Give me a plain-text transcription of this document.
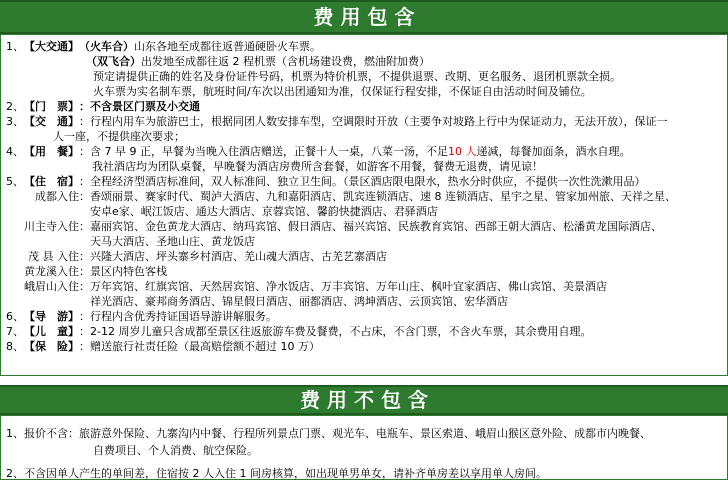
费 用 包 含
1、 【大交通】 （火车合） 山东各地至成都往返普通硬卧火车票。
（双飞合） 出发地至成都往返 2 程机票（含机场建设费，燃油附加费）
预定请提供正确的姓名及身份证件号码，机票为特价机票，不提供退票、改期、更名服务、退团机票款全损。
火车票为实名制车票，航班时间/车次以出团通知为准，仅保证行程安排，不保证自由活动时间及铺位。
2、 【门　票】 ：不含景区门票及小交通
3、 【交　通】 ：行程内用车为旅游巴士，根据同团人数安排车型，空调限时开放（主要争对坡路上行中为保证动力，无法开放），保证一
人一座，不提供座次要求；
4、 【用　餐】 ：含 7 早 9 正，早餐为当晚入住酒店赠送，正餐十人一桌，八菜一汤，不足 10 人 递减，每餐加面条，酒水自理。
我社酒店均为团队桌餐，早晚餐为酒店房费所含套餐，如游客不用餐，餐费无退费，请见谅！
5、 【住　宿】 ：全程经济型酒店标准间，双人标准间、独立卫生间。（景区酒店限电限水，热水分时供应，不提供一次性洗漱用品）
成都入住： 香颂丽景、赛家时代、蜀泸大酒店、九和嘉阳酒店、凯宾连锁酒店、速 8 连锁酒店、星宇之星、管家加州旅、天祥之星、
安卓e家、岷江饭店、通达大酒店、京蓉宾馆、馨韵快捷酒店、君驿酒店
川主寺入住： 嘉丽宾馆、金色黄龙大酒店、纳玛宾馆、假日酒店、福兴宾馆、民族教育宾馆、西部王朝大酒店、松潘黄龙国际酒店、
天马大酒店、圣地山庄、黄龙饭店
茂 县 入住： 兴隆大酒店、坪头寨乡村酒店、羌山魂大酒店、古羌艺寨酒店
黄龙溪入住： 景区内特色客栈
峨眉山入住： 万年宾馆、红旗宾馆、天然居宾馆、净水饭店、万丰宾馆、万年山庄、枫叶宜家酒店、佛山宾馆、美景酒店
祥光酒店、豪邦商务酒店、锦星假日酒店、丽都酒店、鸿坤酒店、云顶宾馆、宏华酒店
6、 【导　游】 ：行程内含优秀持证国语导游讲解服务。
7、 【儿　童】 ：2-12 周岁儿童只含成都至景区往返旅游车费及餐费，不占床，不含门票，不含火车票，其余费用自理。
8、 【保　险】 ：赠送旅行社责任险（最高赔偿额不超过 10 万）
费 用 不 包 含
1、 报价不含： 旅游意外保险、九寨沟内中餐、行程所列景点门票、观光车、电瓶车、景区索道、峨眉山猴区意外险、成都市内晚餐、
自费项目、个人消费、航空保险。
2、 不含因单人产生的单间差，住宿按 2 人入住 1 间房核算，如出现单男单女，请补齐单房差以享用单人房间。
